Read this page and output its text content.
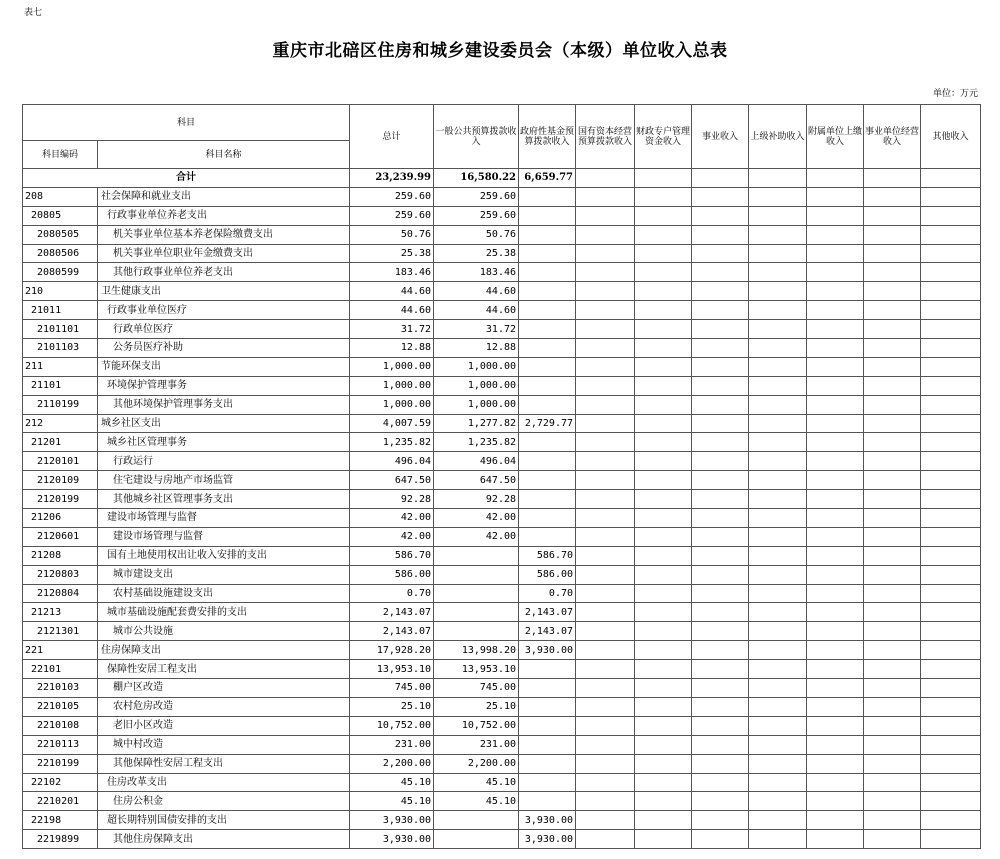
表七
重庆市北碚区住房和城乡建设委员会（本级）单位收入总表
单位：万元
科目		总计	一般公共预算拨款收入	政府性基金预算拨款收入	国有资本经营预算拨款收入	财政专户管理资金收入	事业收入	上级补助收入	附属单位上缴收入	事业单位经营收入	其他收入
科目编码	科目名称										
合计		23,239.99	16,580.22	6,659.77							
208	社会保障和就业支出	259.60	259.60								
20805	行政事业单位养老支出	259.60	259.60								
2080505	机关事业单位基本养老保险缴费支出	50.76	50.76								
2080506	机关事业单位职业年金缴费支出	25.38	25.38								
2080599	其他行政事业单位养老支出	183.46	183.46								
210	卫生健康支出	44.60	44.60								
21011	行政事业单位医疗	44.60	44.60								
2101101	行政单位医疗	31.72	31.72								
2101103	公务员医疗补助	12.88	12.88								
211	节能环保支出	1,000.00	1,000.00								
21101	环境保护管理事务	1,000.00	1,000.00								
2110199	其他环境保护管理事务支出	1,000.00	1,000.00								
212	城乡社区支出	4,007.59	1,277.82	2,729.77							
21201	城乡社区管理事务	1,235.82	1,235.82								
2120101	行政运行	496.04	496.04								
2120109	住宅建设与房地产市场监管	647.50	647.50								
2120199	其他城乡社区管理事务支出	92.28	92.28								
21206	建设市场管理与监督	42.00	42.00								
2120601	建设市场管理与监督	42.00	42.00								
21208	国有土地使用权出让收入安排的支出	586.70		586.70							
2120803	城市建设支出	586.00		586.00							
2120804	农村基础设施建设支出	0.70		0.70							
21213	城市基础设施配套费安排的支出	2,143.07		2,143.07							
2121301	城市公共设施	2,143.07		2,143.07							
221	住房保障支出	17,928.20	13,998.20	3,930.00							
22101	保障性安居工程支出	13,953.10	13,953.10								
2210103	棚户区改造	745.00	745.00								
2210105	农村危房改造	25.10	25.10								
2210108	老旧小区改造	10,752.00	10,752.00								
2210113	城中村改造	231.00	231.00								
2210199	其他保障性安居工程支出	2,200.00	2,200.00								
22102	住房改革支出	45.10	45.10								
2210201	住房公积金	45.10	45.10								
22198	超长期特别国债安排的支出	3,930.00		3,930.00							
2219899	其他住房保障支出	3,930.00		3,930.00							
